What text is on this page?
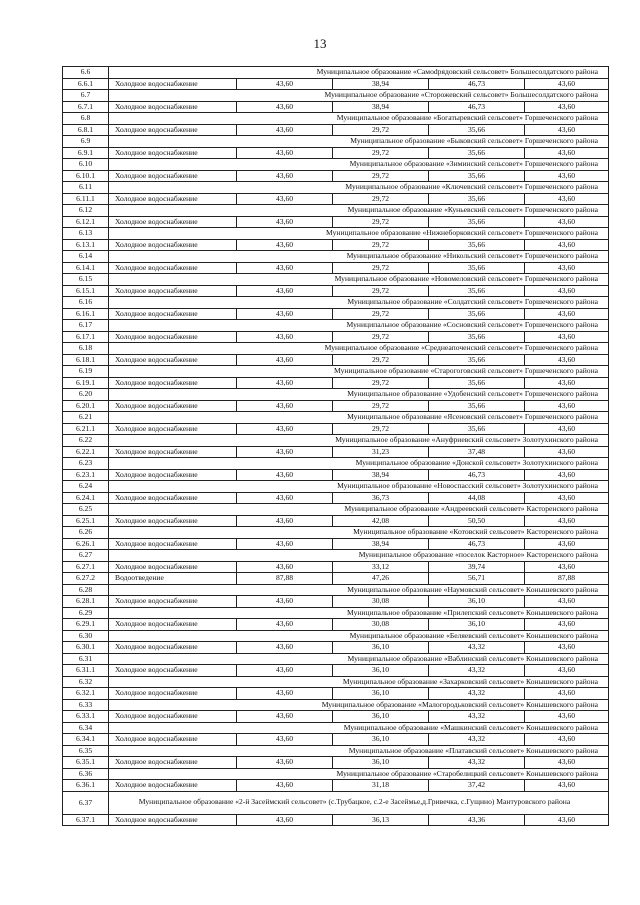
13
6.6	Муниципальное образование «Самоdрядовский сельсовет» Большесолдатского района				
6.6.1	Холодное водоснабжение	43,60	38,94	46,73	43,60
6.7	Муниципальное образование «Сторожевский сельсовет» Большесолдатского района				
6.7.1	Холодное водоснабжение	43,60	38,94	46,73	43,60
6.8	Муниципальное образование «Богатыревский сельсовет» Горшеченского района				
6.8.1	Холодное водоснабжение	43,60	29,72	35,66	43,60
6.9	Муниципальное образование «Быковский сельсовет» Горшеченского района				
6.9.1	Холодное водоснабжение	43,60	29,72	35,66	43,60
6.10	Муниципальное образование «Зиминский сельсовет» Горшеченского района				
6.10.1	Холодное водоснабжение	43,60	29,72	35,66	43,60
6.11	Муниципальное образование «Ключевский сельсовет» Горшеченского района				
6.11.1	Холодное водоснабжение	43,60	29,72	35,66	43,60
6.12	Муниципальное образование «Куньевский сельсовет» Горшеченского района				
6.12.1	Холодное водоснабжение	43,60	29,72	35,66	43,60
6.13	Муниципальное образование «Нижнеборковский сельсовет» Горшеченского района				
6.13.1	Холодное водоснабжение	43,60	29,72	35,66	43,60
6.14	Муниципальное образование «Никольский сельсовет» Горшеченского района				
6.14.1	Холодное водоснабжение	43,60	29,72	35,66	43,60
6.15	Муниципальное образование «Новомеловский сельсовет» Горшеченского района				
6.15.1	Холодное водоснабжение	43,60	29,72	35,66	43,60
6.16	Муниципальное образование «Солдатский сельсовет» Горшеченского района				
6.16.1	Холодное водоснабжение	43,60	29,72	35,66	43,60
6.17	Муниципальное образование «Сосновский сельсовет» Горшеченского района				
6.17.1	Холодное водоснабжение	43,60	29,72	35,66	43,60
6.18	Муниципальное образование «Среднеапоченский сельсовет» Горшеченского района				
6.18.1	Холодное водоснабжение	43,60	29,72	35,66	43,60
6.19	Муниципальное образование «Старогоговский сельсовет» Горшеченского района				
6.19.1	Холодное водоснабжение	43,60	29,72	35,66	43,60
6.20	Муниципальное образование «Удобенский сельсовет» Горшеченского района				
6.20.1	Холодное водоснабжение	43,60	29,72	35,66	43,60
6.21	Муниципальное образование «Ясеновский сельсовет» Горшеченского района				
6.21.1	Холодное водоснабжение	43,60	29,72	35,66	43,60
6.22	Муниципальное образование «Ануфриевский сельсовет» Золотухинского района				
6.22.1	Холодное водоснабжение	43,60	31,23	37,48	43,60
6.23	Муниципальное образование «Донской сельсовет» Золотухинского района				
6.23.1	Холодное водоснабжение	43,60	38,94	46,73	43,60
6.24	Муниципальное образование «Новоспасский сельсовет» Золотухинского района				
6.24.1	Холодное водоснабжение	43,60	36,73	44,08	43,60
6.25	Муниципальное образование «Андреевский сельсовет» Касторенского района				
6.25.1	Холодное водоснабжение	43,60	42,08	50,50	43,60
6.26	Муниципальное образование «Котовский сельсовет» Касторенского района				
6.26.1	Холодное водоснабжение	43,60	38,94	46,73	43,60
6.27	Муниципальное образование «поселок Касторное» Касторенского района				
6.27.1	Холодное водоснабжение	43,60	33,12	39,74	43,60
6.27.2	Водоотведение	87,88	47,26	56,71	87,88
6.28	Муниципальное образование «Наумовский сельсовет» Конышевского района				
6.28.1	Холодное водоснабжение	43,60	30,08	36,10	43,60
6.29	Муниципальное образование «Прилепский сельсовет» Конышевского района				
6.29.1	Холодное водоснабжение	43,60	30,08	36,10	43,60
6.30	Муниципальное образование «Беляевский сельсовет» Конышевского района				
6.30.1	Холодное водоснабжение	43,60	36,10	43,32	43,60
6.31	Муниципальное образование «Ваблинский сельсовет» Конышевского района				
6.31.1	Холодное водоснабжение	43,60	36,10	43,32	43,60
6.32	Муниципальное образование «Захарковский сельсовет» Конышевского района				
6.32.1	Холодное водоснабжение	43,60	36,10	43,32	43,60
6.33	Муниципальное образование «Малогородьковский сельсовет» Конышевского района				
6.33.1	Холодное водоснабжение	43,60	36,10	43,32	43,60
6.34	Муниципальное образование «Машкинский сельсовет» Конышевского района				
6.34.1	Холодное водоснабжение	43,60	36,10	43,32	43,60
6.35	Муниципальное образование «Платавский сельсовет» Конышевского района				
6.35.1	Холодное водоснабжение	43,60	36,10	43,32	43,60
6.36	Муниципальное образование «Старобелицкий сельсовет» Конышевского района				
6.36.1	Холодное водоснабжение	43,60	31,18	37,42	43,60
6.37	Муниципальное образование «2-й Засеймский сельсовет» (с.Трубацкое, с.2-е Засеймье,д.Гривечка, с.Гущино) Мантуровского района				
6.37.1	Холодное водоснабжение	43,60	36,13	43,36	43,60
